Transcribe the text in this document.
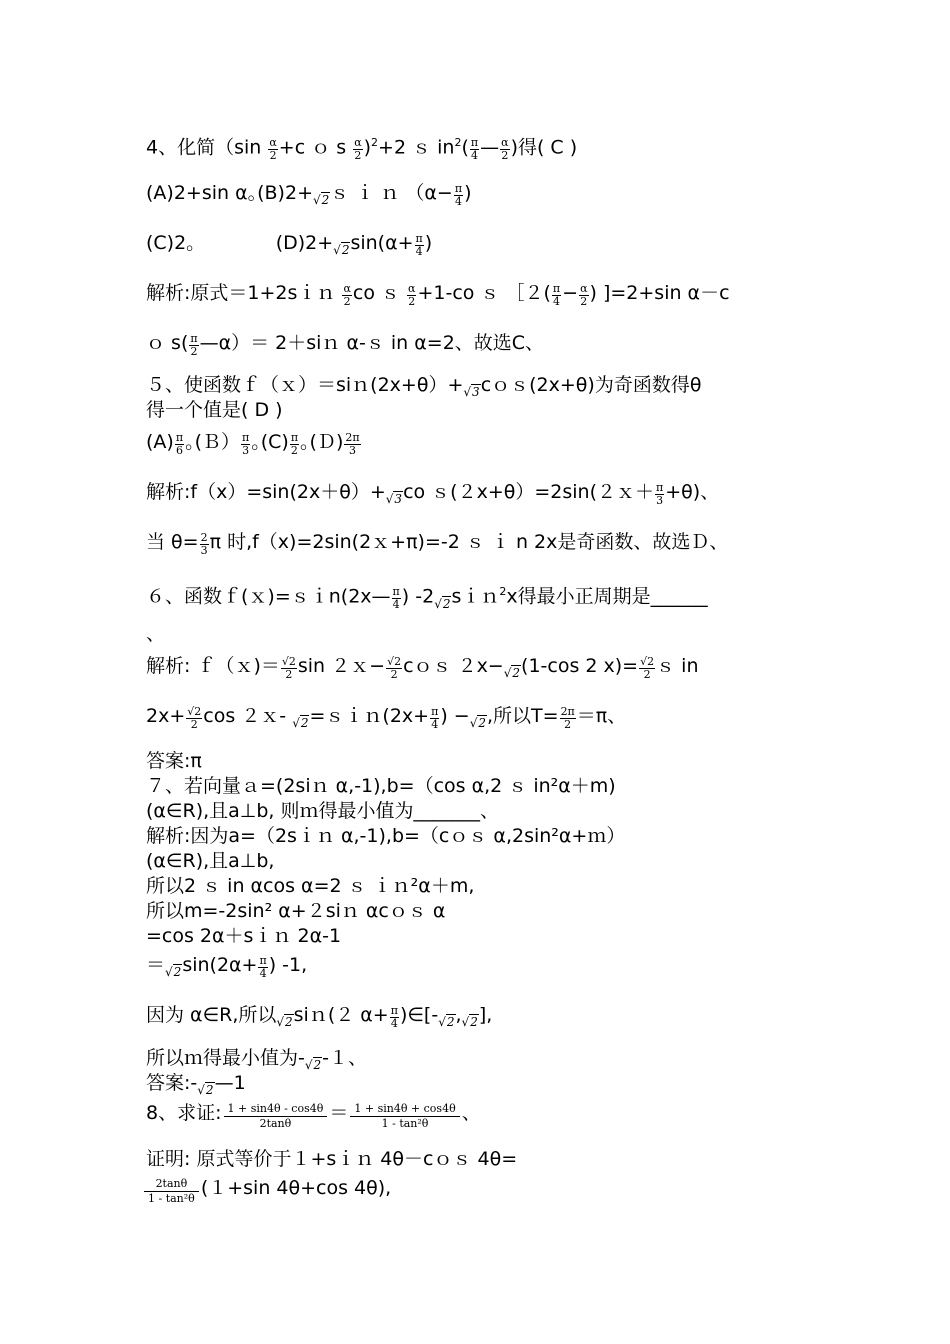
4、化简（$\sin \frac{\alpha}{2} +c$ ｏ s $\frac{\alpha}{2} )^2+2$ ｓ $in^2( \frac{\pi}{4}$ — $\frac{\alpha}{2}$ )得( C )
(A)2+sin α｡(B)2+√2ｓ ｉ ｎ （$\alpha- \frac{\pi}{4}$ )
(C)2｡	$(D)2+√2\sin(\alpha+ \frac{\pi}{4}$ )
解析:原式＝1+2sｉｎ $\frac{\alpha}{2}$ co ｓ $\frac{\alpha}{2} +1-co$ ｓ ［２( $\frac{\pi}{4} - \frac{\alpha}{2}$ ) ]=2+sin α－c
ｏ $s( \frac{\pi}{2}$ —α）＝ 2＋siｎ α-ｓ in α=2、故选C、
５、使函数ｆ（ｘ）＝siｎ(2x+θ）+√3cｏｓ(2x+θ)为奇函数得θ
得一个值是( D )
$(A) \frac{\pi}{6}$ ｡(Ｂ） $\frac{\pi}{3}$ ｡$(C) \frac{\pi}{2}$ ｡(Ｄ) $\frac{2\pi}{3}$
解析:f（x）=sin(2x＋θ）+√3co ｓ(２x+θ）=2sin(２ｘ＋ $\frac{\pi}{3} +\theta$)、
当 $\theta= \frac{2}{3}$ π 时,f（x)=2sin(2ｘ+π)=-2 ｓ ｉ n 2x是奇函数、故选Ｄ、
６、函数ｆ(ｘ)=ｓｉn(2x— $\frac{\pi}{4}$ ) -2√2sｉｎ$^2$x得最小正周期是______
、
解析: ｆ（ｘ)＝ $\frac{√2}{2}$ sin ２ｘ− $\frac{√2}{2}$ cｏｓ ２x−√2(1-cos 2 $x)= \frac{√2}{2}$ ｓ in
$2x+ \frac{√2}{2}$ cos ２ｘ- √2=ｓｉｎ(2x+ $\frac{\pi}{4}$ ) −√2,所以$T= \frac{2\pi}{2} =\pi$、
答案:π
７、若向量ａ=(2siｎ α,-1),b=（cos α,2 ｓ in²α＋m)
(α∈R),且a⊥b, 则ｍ得最小值为_______、
解析:因为a=（2sｉｎ α,-1),b=（cｏｓ α,2sin²α+ｍ）
(α∈R),且a⊥b,
所以2 ｓ in αcos α=2 ｓ ｉｎ²α＋m,
所以m=-2sin² α+２siｎ αcｏｓ α
=cos 2α＋sｉｎ 2α-1
$=√2\sin(2\alpha+ \frac{\pi}{4}$ ) -1,
因为 α∈R,所以√2siｎ(２ $\alpha+ \frac{\pi}{4}$ )∈[-√2,√2],
所以ｍ得最小值为-√2-１、
答案:-√2—1
8、求证: $\frac{1 + \sin 4\theta - \cos 4\theta}{2\tan\theta} = \frac{1 + \sin 4\theta + \cos 4\theta}{\text{1 - tan²θ}}$ 、
证明: 原式等价于１+sｉｎ 4θ－cｏｓ 4θ=
$\frac{2\tan\theta}{\text{1 - tan²θ}} (1+\sin$ 4θ+cos 4θ),
